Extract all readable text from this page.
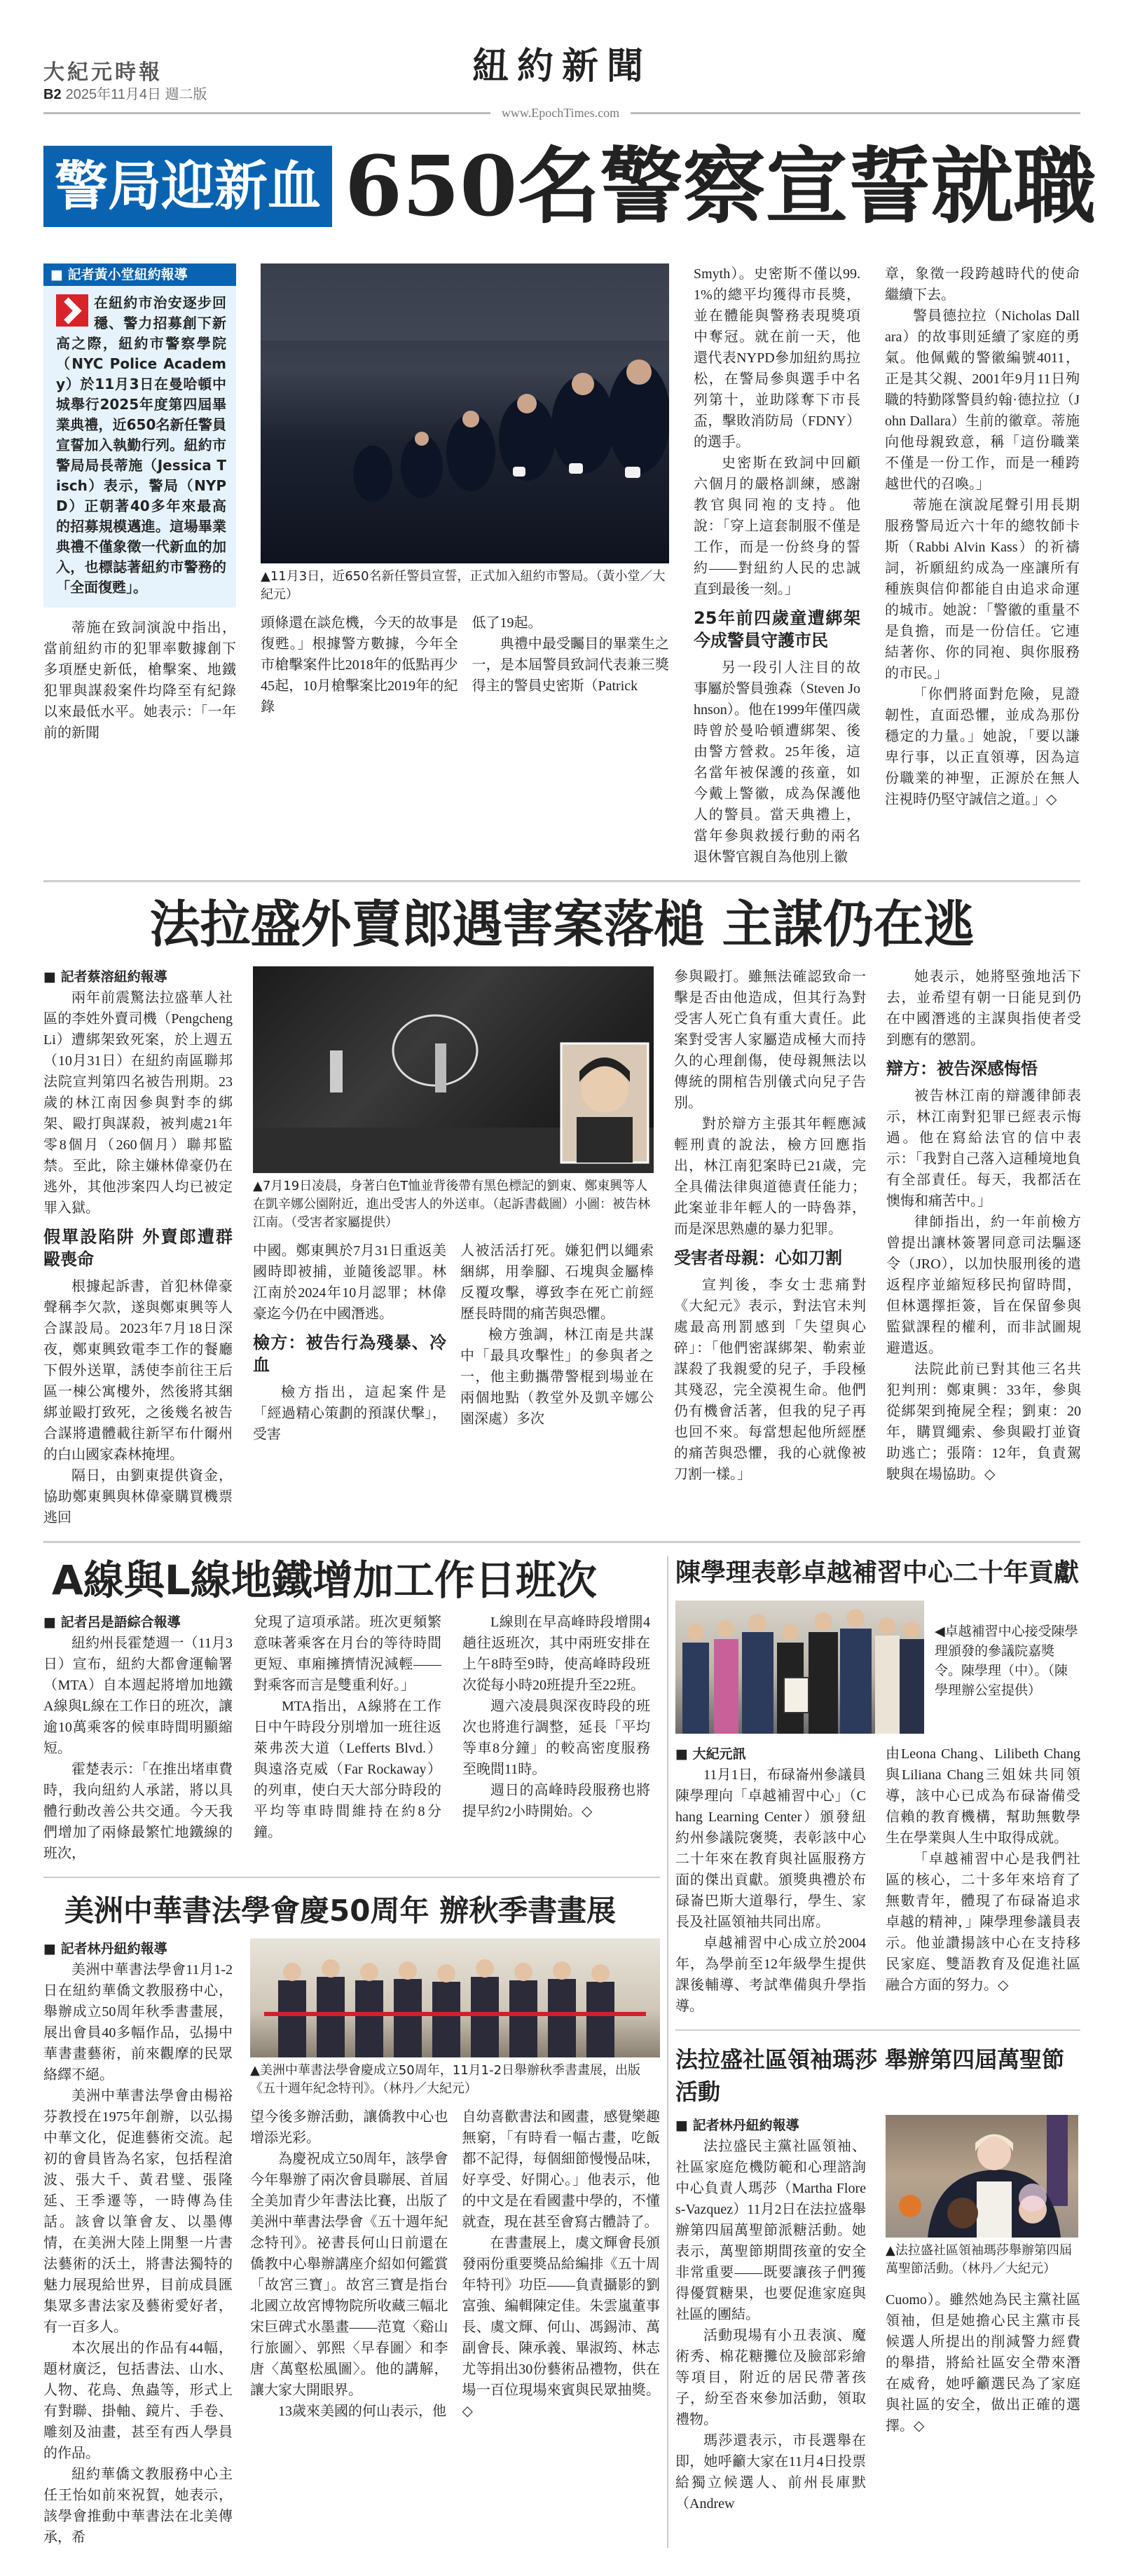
大紀元時報
B2 2025年11月4日 週二版
紐約新聞
www.EpochTimes.com
警局迎新血 650名警察宣誓就職
■ 記者黃小堂紐約報導
在紐約市治安逐步回穩、警力招募創下新高之際，紐約市警察學院（NYC Police Academy）於11月3日在曼哈頓中城舉行2025年度第四屆畢業典禮，近650名新任警員宣誓加入執勤行列。紐約市警局局長蒂施（Jessica Tisch）表示，警局（NYPD）正朝著40多年來最高的招募規模邁進。這場畢業典禮不僅象徵一代新血的加入，也標誌著紐約市警務的「全面復甦」。

蒂施在致詞演說中指出，當前紐約市的犯罪率數據創下多項歷史新低，槍擊案、地鐵犯罪與謀殺案件均降至有紀錄以來最低水平。她表示：「一年前的新聞

▲11月3日，近650名新任警員宣誓，正式加入紐約市警局。（黃小堂／大紀元）

頭條還在談危機，今天的故事是復甦。」根據警方數據，今年全市槍擊案件比2018年的低點再少45起，10月槍擊案比2019年的紀錄

低了19起。

典禮中最受矚目的畢業生之一，是本屆警員致詞代表兼三獎得主的警員史密斯（Patrick

Smyth）。史密斯不僅以99.1%的總平均獲得市長獎，並在體能與警務表現獎項中奪冠。就在前一天，他還代表NYPD參加紐約馬拉松，在警局參與選手中名列第十，並助隊奪下市長盃，擊敗消防局（FDNY）的選手。

史密斯在致詞中回顧六個月的嚴格訓練，感謝教官與同袍的支持。他說：「穿上這套制服不僅是工作，而是一份終身的誓約——對紐約人民的忠誠直到最後一刻。」

25年前四歲童遭綁架 今成警員守護市民

另一段引人注目的故事屬於警員強森（Steven Johnson）。他在1999年僅四歲時曾於曼哈頓遭綁架、後由警方營救。25年後，這名當年被保護的孩童，如今戴上警徽，成為保護他人的警員。當天典禮上，當年參與救援行動的兩名退休警官親自為他別上徽

章，象徵一段跨越時代的使命繼續下去。

警員德拉拉（Nicholas Dallara）的故事則延續了家庭的勇氣。他佩戴的警徽編號4011，正是其父親、2001年9月11日殉職的特勤隊警員約翰·德拉拉（John Dallara）生前的徽章。蒂施向他母親致意，稱「這份職業不僅是一份工作，而是一種跨越世代的召喚。」

蒂施在演說尾聲引用長期服務警局近六十年的總牧師卡斯（Rabbi Alvin Kass）的祈禱詞，祈願紐約成為一座讓所有種族與信仰都能自由追求命運的城市。她說：「警徽的重量不是負擔，而是一份信任。它連結著你、你的同袍、與你服務的市民。」

「你們將面對危險，見證韌性，直面恐懼，並成為那份穩定的力量。」她說，「要以謙卑行事，以正直領導，因為這份職業的神聖，正源於在無人注視時仍堅守誠信之道。」◇

法拉盛外賣郎遇害案落槌 主謀仍在逃
■ 記者蔡溶紐約報導

兩年前震驚法拉盛華人社區的李姓外賣司機（Pengcheng Li）遭綁架致死案，於上週五（10月31日）在紐約南區聯邦法院宣判第四名被告刑期。23歲的林江南因參與對李的綁架、毆打與謀殺，被判處21年零8個月（260個月）聯邦監禁。至此，除主嫌林偉豪仍在逃外，其他涉案四人均已被定罪入獄。

假單設陷阱 外賣郎遭群毆喪命

根據起訴書，首犯林偉豪聲稱李欠款，遂與鄭東興等人合謀設局。2023年7月18日深夜，鄭東興致電李工作的餐廳下假外送單，誘使李前往王后區一棟公寓樓外，然後將其綑綁並毆打致死，之後幾名被告合謀將遺體載往新罕布什爾州的白山國家森林掩埋。

隔日，由劉東提供資金，協助鄭東興與林偉豪購買機票逃回

▲7月19日凌晨，身著白色T恤並背後帶有黑色標記的劉東、鄭東興等人在凱辛娜公園附近，進出受害人的外送車。（起訴書截圖）小圖：被告林江南。（受害者家屬提供）

中國。鄭東興於7月31日重返美國時即被捕，並隨後認罪。林江南於2024年10月認罪；林偉豪迄今仍在中國潛逃。

檢方：被告行為殘暴、冷血

檢方指出，這起案件是「經過精心策劃的預謀伏擊」，受害

人被活活打死。嫌犯們以繩索綑綁，用拳腳、石塊與金屬棒反覆攻擊，導致李在死亡前經歷長時間的痛苦與恐懼。

檢方強調，林江南是共謀中「最具攻擊性」的參與者之一，他主動攜帶警棍到場並在兩個地點（教堂外及凱辛娜公園深處）多次

參與毆打。雖無法確認致命一擊是否由他造成，但其行為對受害人死亡負有重大責任。此案對受害人家屬造成極大而持久的心理創傷，使母親無法以傳統的開棺告別儀式向兒子告別。

對於辯方主張其年輕應減輕刑責的說法，檢方回應指出，林江南犯案時已21歲，完全具備法律與道德責任能力；此案並非年輕人的一時魯莽，而是深思熟慮的暴力犯罪。

受害者母親：心如刀割

宣判後，李女士悲痛對《大紀元》表示，對法官未判處最高刑罰感到「失望與心碎」：「他們密謀綁架、勒索並謀殺了我親愛的兒子，手段極其殘忍，完全漠視生命。他們仍有機會活著，但我的兒子再也回不來。每當想起他所經歷的痛苦與恐懼，我的心就像被刀割一樣。」

她表示，她將堅強地活下去，並希望有朝一日能見到仍在中國潛逃的主謀與指使者受到應有的懲罰。

辯方：被告深感悔悟

被告林江南的辯護律師表示，林江南對犯罪已經表示悔過。他在寫給法官的信中表示：「我對自己落入這種境地負有全部責任。每天，我都活在懊悔和痛苦中。」

律師指出，約一年前檢方曾提出讓林簽署同意司法驅逐令（JRO），以加快服刑後的遣返程序並縮短移民拘留時間，但林選擇拒簽，旨在保留參與監獄課程的權利，而非試圖規避遣返。

法院此前已對其他三名共犯判刑：鄭東興：33年，參與從綁架到掩屍全程；劉東：20年，購買繩索、參與毆打並資助逃亡；張隋：12年，負責駕駛與在場協助。◇

A線與L線地鐵增加工作日班次
■ 記者呂是語綜合報導

紐約州長霍楚週一（11月3日）宣布，紐約大都會運輸署（MTA）自本週起將增加地鐵A線與L線在工作日的班次，讓逾10萬乘客的候車時間明顯縮短。

霍楚表示：「在推出堵車費時，我向紐約人承諾，將以具體行動改善公共交通。今天我們增加了兩條最繁忙地鐵線的班次，

兌現了這項承諾。班次更頻繁意味著乘客在月台的等待時間更短、車廂擁擠情況減輕——對乘客而言是雙重利好。」

MTA指出，A線將在工作日中午時段分別增加一班往返萊弗茨大道（Lefferts Blvd.）與遠洛克威（Far Rockaway）的列車，使白天大部分時段的平均等車時間維持在約8分鐘。

L線則在早高峰時段增開4趟往返班次，其中兩班安排在上午8時至9時，使高峰時段班次從每小時20班提升至22班。

週六凌晨與深夜時段的班次也將進行調整，延長「平均等車8分鐘」的較高密度服務至晚間11時。

週日的高峰時段服務也將提早約2小時開始。◇

美洲中華書法學會慶50周年 辦秋季書畫展
■ 記者林丹紐約報導

美洲中華書法學會11月1-2日在紐約華僑文教服務中心，舉辦成立50周年秋季書畫展，展出會員40多幅作品，弘揚中華書畫藝術，前來觀摩的民眾絡繹不絕。

美洲中華書法學會由楊裕芬教授在1975年創辦，以弘揚中華文化，促進藝術交流。起初的會員皆為名家，包括程滄波、張大千、黃君璧、張隆延、王季遷等，一時傳為佳話。該會以筆會友、以墨傳情，在美洲大陸上開墾一片書法藝術的沃土，將書法獨特的魅力展現給世界，目前成員匯集眾多書法家及藝術愛好者，有一百多人。

本次展出的作品有44幅，題材廣泛，包括書法、山水、人物、花鳥、魚蟲等，形式上有對聯、掛軸、鏡片、手卷、雕刻及油畫，甚至有西人學員的作品。

紐約華僑文教服務中心主任王怡如前來祝賀，她表示，該學會推動中華書法在北美傳承，希

▲美洲中華書法學會慶成立50周年，11月1-2日舉辦秋季書畫展，出版《五十週年紀念特刊》。（林丹／大紀元）

望今後多辦活動，讓僑教中心也增添光彩。

為慶祝成立50周年，該學會今年舉辦了兩次會員聯展、首屆全美加青少年書法比賽，出版了美洲中華書法學會《五十週年紀念特刊》。祕書長何山日前還在僑教中心舉辦講座介紹如何鑑賞「故宮三寶」。故宮三寶是指台北國立故宮博物院所收藏三幅北宋巨碑式水墨畫——范寬〈谿山行旅圖〉、郭熙〈早春圖〉和李唐〈萬壑松風圖〉。他的講解，讓大家大開眼界。

13歲來美國的何山表示，他

自幼喜歡書法和國畫，感覺樂趣無窮，「有時看一幅古畫，吃飯都不記得，每個細節慢慢品味，好享受、好開心。」他表示，他的中文是在看國畫中學的，不懂就查，現在甚至會寫古體詩了。

在書畫展上，虞文輝會長頒發兩份重要獎品給編排《五十周年特刊》功臣——負責攝影的劉富強、編輯陳定佳。朱雲嵐董事長、虞文輝、何山、馮錫沛、萬副會長、陳承義、畢淑筠、林志尤等捐出30份藝術品禮物，供在場一百位現場來賓與民眾抽獎。◇

陳學理表彰卓越補習中心二十年貢獻
◀卓越補習中心接受陳學理頒發的參議院嘉獎令。陳學理（中）。（陳學理辦公室提供）
■ 大紀元訊

11月1日，布碌崙州參議員陳學理向「卓越補習中心」（Chang Learning Center）頒發紐約州參議院褒獎，表彰該中心二十年來在教育與社區服務方面的傑出貢獻。頒獎典禮於布碌崙巴斯大道舉行，學生、家長及社區領袖共同出席。

卓越補習中心成立於2004年，為學前至12年級學生提供課後輔導、考試準備與升學指導。

由Leona Chang、Lilibeth Chang與Liliana Chang三姐妹共同領導，該中心已成為布碌崙備受信賴的教育機構，幫助無數學生在學業與人生中取得成就。

「卓越補習中心是我們社區的核心，二十多年來培育了無數青年，體現了布碌崙追求卓越的精神，」陳學理參議員表示。他並讚揚該中心在支持移民家庭、雙語教育及促進社區融合方面的努力。◇

法拉盛社區領袖瑪莎 舉辦第四屆萬聖節活動
■ 記者林丹紐約報導

法拉盛民主黨社區領袖、社區家庭危機防範和心理諮詢中心負責人瑪莎（Martha Flores-Vazquez）11月2日在法拉盛舉辦第四屆萬聖節派糖活動。她表示，萬聖節期間孩童的安全非常重要——既要讓孩子們獲得優質糖果，也要促進家庭與社區的團結。

活動現場有小丑表演、魔術秀、棉花糖攤位及臉部彩繪等項目，附近的居民帶著孩子，紛至沓來參加活動，領取禮物。

瑪莎還表示，市長選舉在即，她呼籲大家在11月4日投票給獨立候選人、前州長庫默（Andrew

▲法拉盛社區領袖瑪莎舉辦第四屆萬聖節活動。（林丹／大紀元）

Cuomo）。雖然她為民主黨社區領袖，但是她擔心民主黨市長候選人所提出的削減警力經費的舉措，將給社區安全帶來潛在威脅，她呼籲選民為了家庭與社區的安全，做出正確的選擇。◇
